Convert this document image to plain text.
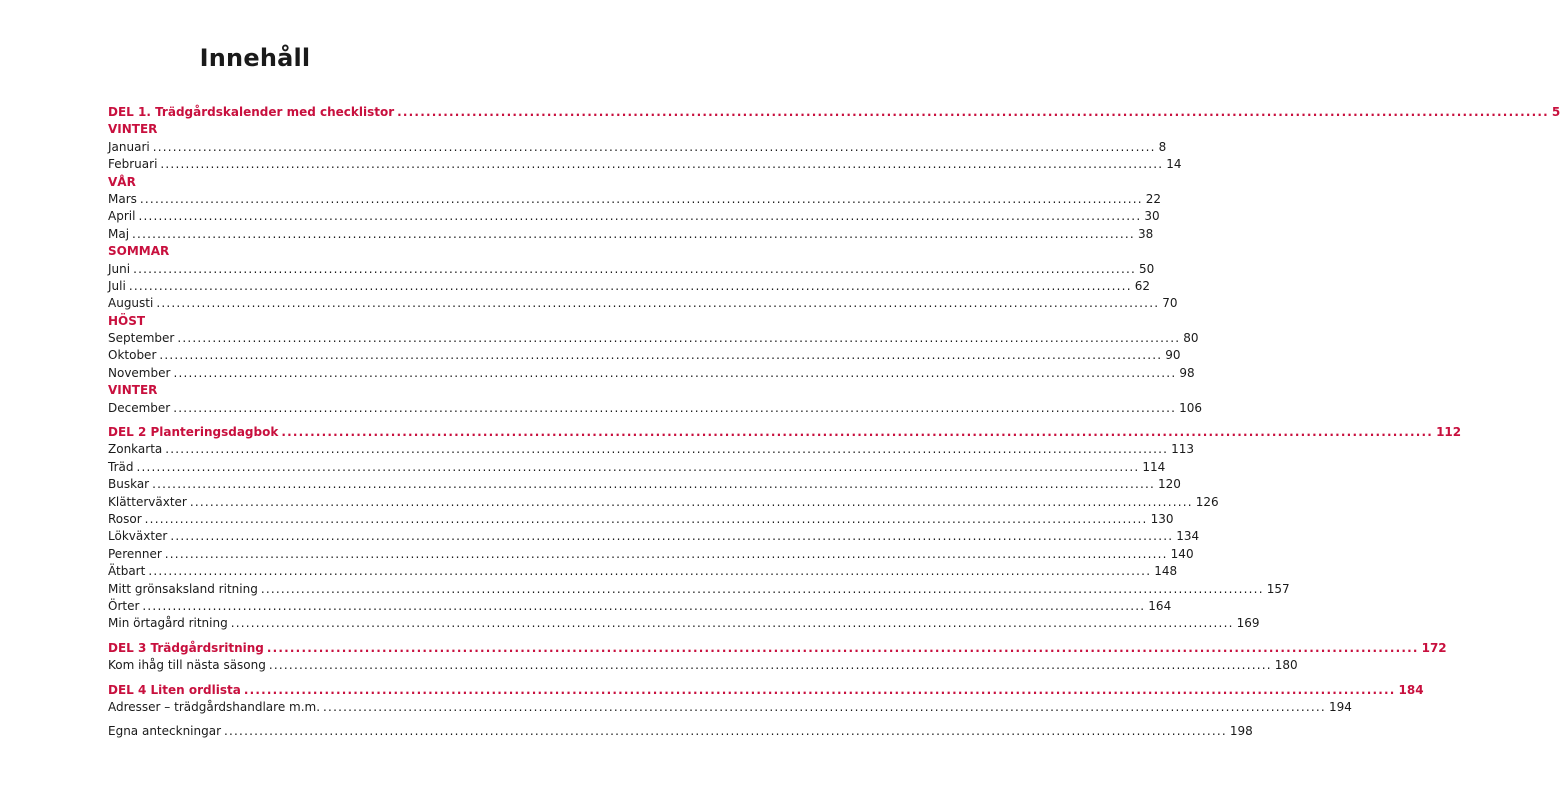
Innehåll
DEL 1. Trädgårdskalender med checklistor ........................................................................................................................................................................................................ 5
VINTER
Januari ........................................................................................................................................................................................................ 8
Februari ........................................................................................................................................................................................................ 14
VÅR
Mars ........................................................................................................................................................................................................ 22
April ........................................................................................................................................................................................................ 30
Maj ........................................................................................................................................................................................................ 38
SOMMAR
Juni ........................................................................................................................................................................................................ 50
Juli ........................................................................................................................................................................................................ 62
Augusti ........................................................................................................................................................................................................ 70
HÖST
September ........................................................................................................................................................................................................ 80
Oktober ........................................................................................................................................................................................................ 90
November ........................................................................................................................................................................................................ 98
VINTER
December ........................................................................................................................................................................................................ 106
DEL 2 Planteringsdagbok ........................................................................................................................................................................................................ 112
Zonkarta ........................................................................................................................................................................................................ 113
Träd ........................................................................................................................................................................................................ 114
Buskar ........................................................................................................................................................................................................ 120
Klätterväxter ........................................................................................................................................................................................................ 126
Rosor ........................................................................................................................................................................................................ 130
Lökväxter ........................................................................................................................................................................................................ 134
Perenner ........................................................................................................................................................................................................ 140
Ätbart ........................................................................................................................................................................................................ 148
Mitt grönsaksland ritning ........................................................................................................................................................................................................ 157
Örter ........................................................................................................................................................................................................ 164
Min örtagård ritning ........................................................................................................................................................................................................ 169
DEL 3 Trädgårdsritning ........................................................................................................................................................................................................ 172
Kom ihåg till nästa säsong ........................................................................................................................................................................................................ 180
DEL 4 Liten ordlista ........................................................................................................................................................................................................ 184
Adresser – trädgårdshandlare m.m. ........................................................................................................................................................................................................ 194
Egna anteckningar ........................................................................................................................................................................................................ 198
